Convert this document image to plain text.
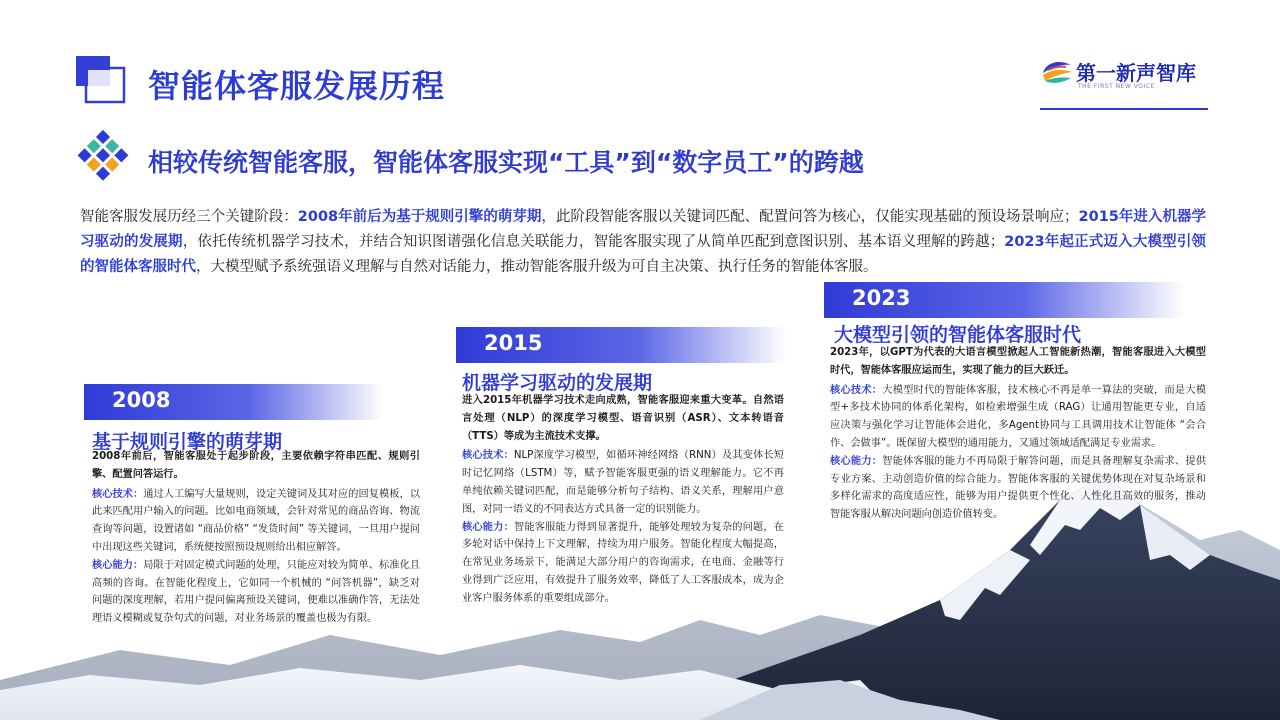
智能体客服发展历程	第一新声智库
THE FIRST NEW VOICE
相较传统智能客服，智能体客服实现“工具”到“数字员工”的跨越
智能客服发展历经三个关键阶段：2008年前后为基于规则引擎的萌芽期，此阶段智能客服以关键词匹配、配置问答为核心，仅能实现基础的预设场景响应；2015年进入机器学习驱动的发展期，依托传统机器学习技术，并结合知识图谱强化信息关联能力，智能客服实现了从简单匹配到意图识别、基本语义理解的跨越；2023年起正式迈入大模型引领的智能体客服时代，大模型赋予系统强语义理解与自然对话能力，推动智能客服升级为可自主决策、执行任务的智能体客服。
2008
基于规则引擎的萌芽期

2008年前后，智能客服处于起步阶段，主要依赖字符串匹配、规则引擎、配置问答运行。

核心技术：通过人工编写大量规则，设定关键词及其对应的回复模板，以此来匹配用户输入的问题。比如电商领域，会针对常见的商品咨询、物流查询等问题，设置诸如 “商品价格” “发货时间” 等关键词，一旦用户提问中出现这些关键词，系统便按照预设规则给出相应解答。

核心能力：局限于对固定模式问题的处理，只能应对较为简单、标准化且高频的咨询。在智能化程度上，它如同一个机械的 “问答机器”，缺乏对问题的深度理解，若用户提问偏离预设关键词，便难以准确作答，无法处理语义模糊或复杂句式的问题，对业务场景的覆盖也极为有限。

2015
机器学习驱动的发展期

进入2015年机器学习技术走向成熟，智能客服迎来重大变革。自然语言处理（NLP）的深度学习模型、语音识别（ASR）、文本转语音（TTS）等成为主流技术支撑。

核心技术：NLP深度学习模型，如循环神经网络（RNN）及其变体长短时记忆网络（LSTM）等，赋予智能客服更强的语义理解能力。它不再单纯依赖关键词匹配，而是能够分析句子结构、语义关系，理解用户意图，对同一语义的不同表达方式具备一定的识别能力。

核心能力：智能客服能力得到显著提升，能够处理较为复杂的问题，在多轮对话中保持上下文理解，持续为用户服务。智能化程度大幅提高，在常见业务场景下，能满足大部分用户的咨询需求，在电商、金融等行业得到广泛应用，有效提升了服务效率，降低了人工客服成本，成为企业客户服务体系的重要组成部分。

2023
大模型引领的智能体客服时代

2023年，以GPT为代表的大语言模型掀起人工智能新热潮，智能客服进入大模型时代，智能体客服应运而生，实现了能力的巨大跃迁。

核心技术：大模型时代的智能体客服，技术核心不再是单一算法的突破，而是大模型+多技术协同的体系化架构，如检索增强生成（RAG）让通用智能更专业，自适应决策与强化学习让智能体会进化，多Agent协同与工具调用技术让智能体 “会合作、会做事”。既保留大模型的通用能力，又通过领域适配满足专业需求。

核心能力：智能体客服的能力不再局限于解答问题，而是具备理解复杂需求、提供专业方案、主动创造价值的综合能力。智能体客服的关键优势体现在对复杂场景和多样化需求的高度适应性，能够为用户提供更个性化、人性化且高效的服务，推动智能客服从解决问题向创造价值转变。
